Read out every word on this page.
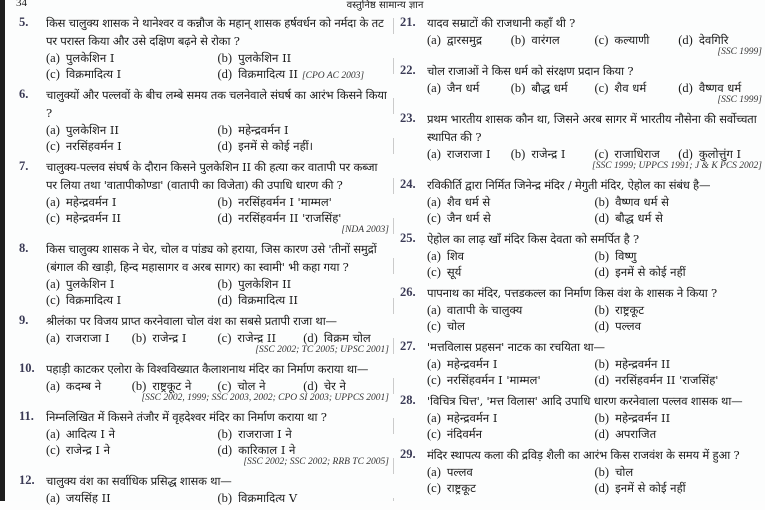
34	वस्तुनिष्ठ सामान्य ज्ञान
5.	किस चालुक्य शासक ने थानेश्वर व कन्नौज के महान् शासक हर्षवर्धन को नर्मदा के तट पर परास्त किया और उसे दक्षिण बढ़ने से रोका ?
(a) पुलकेशिन I	(b) पुलकेशिन II
(c) विक्रमादित्य I	(d) विक्रमादित्य II [CPO AC 2003]
6.	चालुक्यों और पल्लवों के बीच लम्बे समय तक चलनेवाले संघर्ष का आरंभ किसने किया ?
(a) पुलकेशिन II	(b) महेन्द्रवर्मन I
(c) नरसिंहवर्मन I	(d) इनमें से कोई नहीं।
7.	चालुक्य-पल्लव संघर्ष के दौरान किसने पुलकेशिन II की हत्या कर वातापी पर कब्जा पर लिया तथा 'वातापीकोण्डा' (वातापी का विजेता) की उपाधि धारण की ?
(a) महेन्द्रवर्मन I	(b) नरसिंहवर्मन I 'माम्मल'
(c) महेन्द्रवर्मन II	(d) नरसिंहवर्मन II 'राजसिंह'
[NDA 2003]
8.	किस चालुक्य शासक ने चेर, चोल व पांड्य को हराया, जिस कारण उसे 'तीनों समुद्रों (बंगाल की खाड़ी, हिन्द महासागर व अरब सागर) का स्वामी' भी कहा गया ?
(a) पुलकेशिन I	(b) पुलकेशिन II
(c) विक्रमादित्य I	(d) विक्रमादित्य II
9.	श्रीलंका पर विजय प्राप्त करनेवाला चोल वंश का सबसे प्रतापी राजा था—
(a) राजराजा I	(b) राजेन्द्र I	(c) राजेन्द्र II	(d) विक्रम चोल
[SSC 2002; TC 2005; UPSC 2001]
10. पहाड़ी काटकर एलोरा के विश्वविख्यात कैलाशनाथ मंदिर का निर्माण कराया था—
(a) कदम्ब ने	(b) राष्ट्रकूट ने	(c) चोल ने	(d) चेर ने
[SSC 2002, 1999; SSC 2003, 2002; CPO SI 2003; UPPCS 2001]
11.	निम्नलिखित में किसने तंजौर में वृहदेश्वर मंदिर का निर्माण कराया था ?
(a) आदित्य I ने	(b) राजराजा I ने
(c) राजेन्द्र I ने	(d) कारिकाल I ने
[SSC 2002; SSC 2002; RRB TC 2005]
12. चालुक्य वंश का सर्वाधिक प्रसिद्ध शासक था—
(a) जयसिंह II	(b) विक्रमादित्य V
21. यादव सम्राटों की राजधानी कहाँ थी ?
(a) द्वारसमुद्र	(b) वारंगल	(c) कल्याणी	(d) देवगिरि
[SSC 1999]
22. चोल राजाओं ने किस धर्म को संरक्षण प्रदान किया ?
(a) जैन धर्म	(b) बौद्ध धर्म	(c) शैव धर्म	(d) वैष्णव धर्म
[SSC 1999]
23. प्रथम भारतीय शासक कौन था, जिसने अरब सागर में भारतीय नौसेना की सर्वोच्चता स्थापित की ?
(a) राजराजा I	(b) राजेन्द्र I	(c) राजाधिराज	(d) कुलोत्तुंग I
[SSC 1999; UPPCS 1991; J & K PCS 2002]
24. रविकीर्ति द्वारा निर्मित जिनेन्द्र मंदिर / मेगुती मंदिर, ऐहोल का संबंध है—
(a) शैव धर्म से	(b) वैष्णव धर्म से
(c) जैन धर्म से	(d) बौद्ध धर्म से
25. ऐहोल का लाढ़ खाँ मंदिर किस देवता को समर्पित है ?
(a) शिव	(b) विष्णु
(c) सूर्य	(d) इनमें से कोई नहीं
26. पापनाथ का मंदिर, पत्तडकल्ल का निर्माण किस वंश के शासक ने किया ?
(a) वातापी के चालुक्य	(b) राष्ट्रकूट
(c) चोल	(d) पल्लव
27. 'मत्तविलास प्रहसन' नाटक का रचयिता था—
(a) महेन्द्रवर्मन I	(b) महेन्द्रवर्मन II
(c) नरसिंहवर्मन I 'माम्मल'	(d) नरसिंहवर्मन II 'राजसिंह'
28. 'विचित्र चित्त', 'मत्त विलास' आदि उपाधि धारण करनेवाला पल्लव शासक था—
(a) महेन्द्रवर्मन I	(b) महेन्द्रवर्मन II
(c) नंदिवर्मन	(d) अपराजित
29. मंदिर स्थापत्य कला की द्रविड़ शैली का आरंभ किस राजवंश के समय में हुआ ?
(a) पल्लव	(b) चोल
(c) राष्ट्रकूट	(d) इनमें से कोई नहीं
